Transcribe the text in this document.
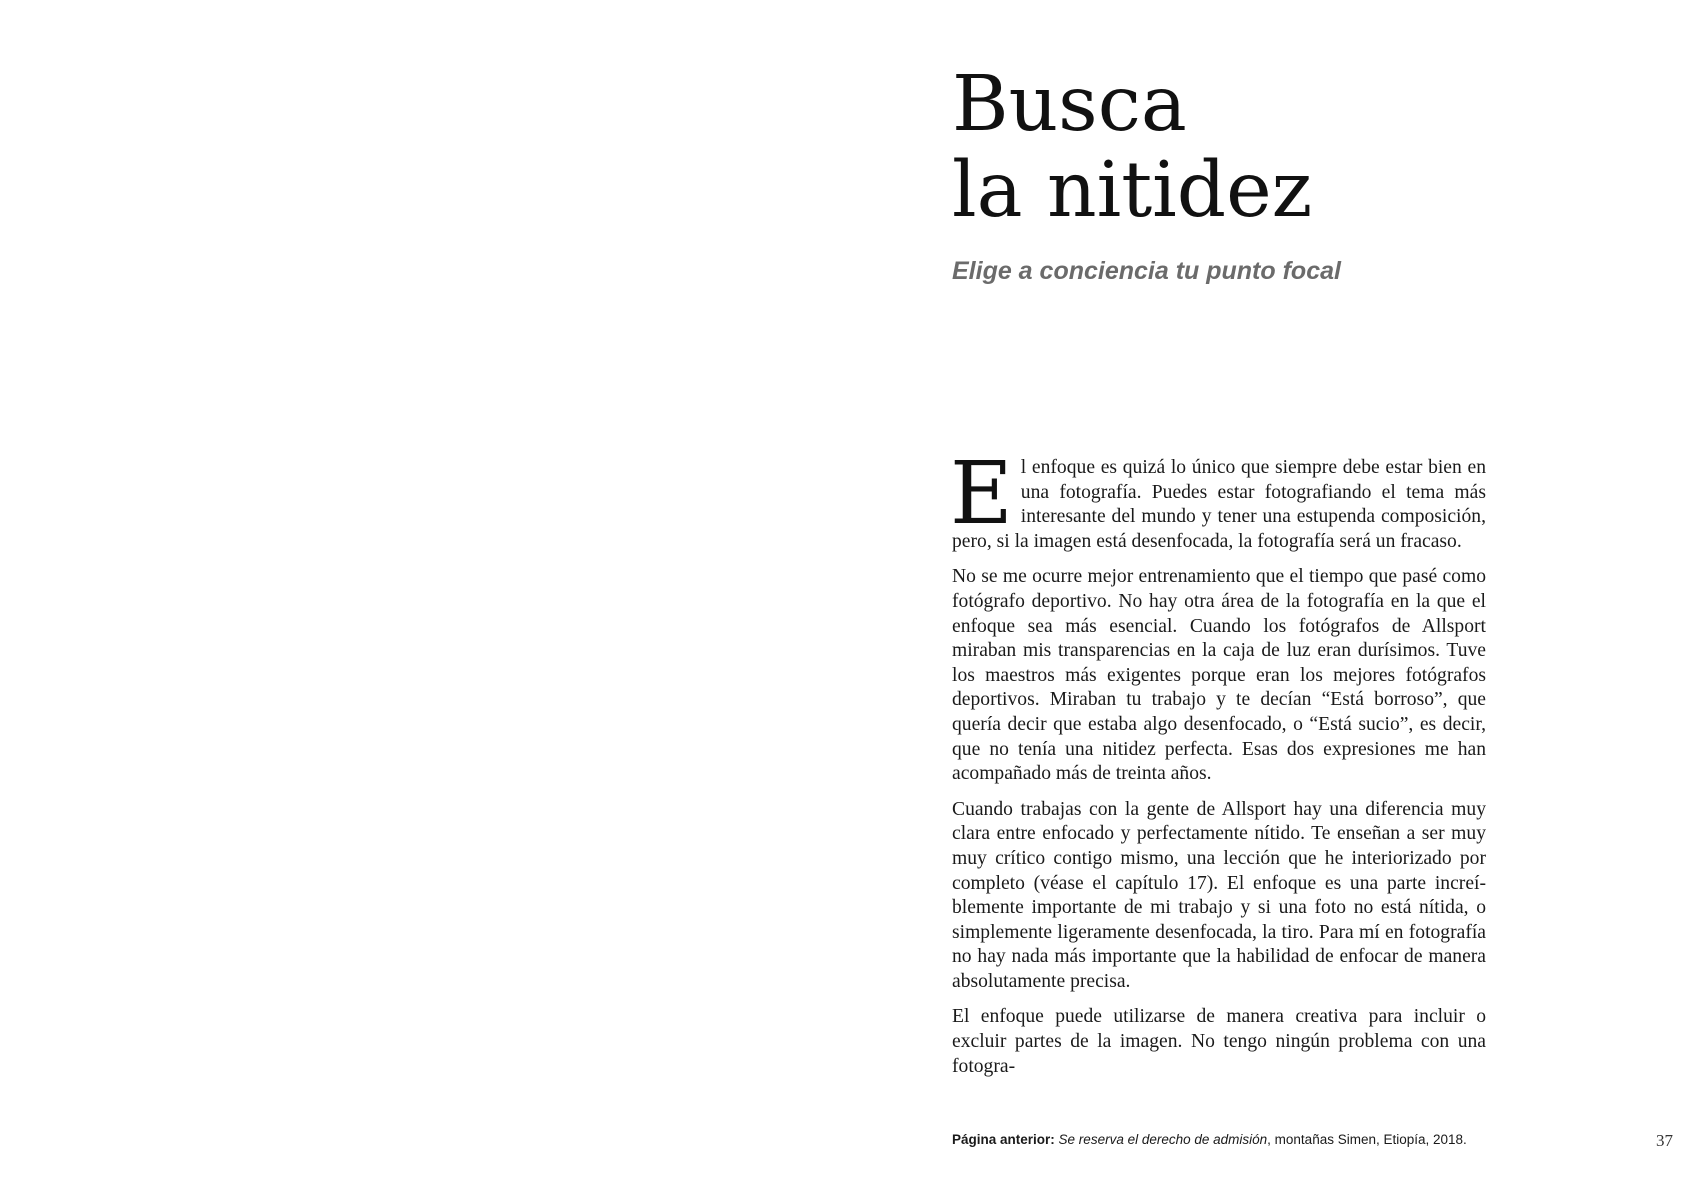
Busca
la nitidez
Elige a conciencia tu punto focal

El enfoque es quizá lo único que siempre debe estar bien en una fotografía. Puedes estar fotografiando el tema más interesante del mundo y tener una estupenda composición, pero, si la imagen está desenfocada, la fotografía será un fracaso.

No se me ocurre mejor entrenamiento que el tiempo que pasé como fotógrafo deportivo. No hay otra área de la fotografía en la que el enfoque sea más esencial. Cuando los fotógrafos de Allsport miraban mis transparencias en la caja de luz eran durísimos. Tuve los maestros más exigentes porque eran los mejores fotógrafos deportivos. Miraban tu trabajo y te decían “Está borroso”, que quería decir que estaba algo desenfocado, o “Está sucio”, es decir, que no tenía una nitidez perfecta. Esas dos expresiones me han acompañado más de treinta años.

Cuando trabajas con la gente de Allsport hay una diferencia muy clara entre enfocado y perfectamente nítido. Te enseñan a ser muy muy crítico contigo mismo, una lección que he interiorizado por completo (véase el capítulo 17). El enfoque es una parte increíblemente importante de mi trabajo y si una foto no está nítida, o simplemente ligeramente desenfocada, la tiro. Para mí en fotografía no hay nada más importante que la habilidad de enfocar de manera absolutamente precisa.

El enfoque puede utilizarse de manera creativa para incluir o excluir partes de la imagen. No tengo ningún problema con una fotogra-

Página anterior: Se reserva el derecho de admisión, montañas Simen, Etiopía, 2018.	37
